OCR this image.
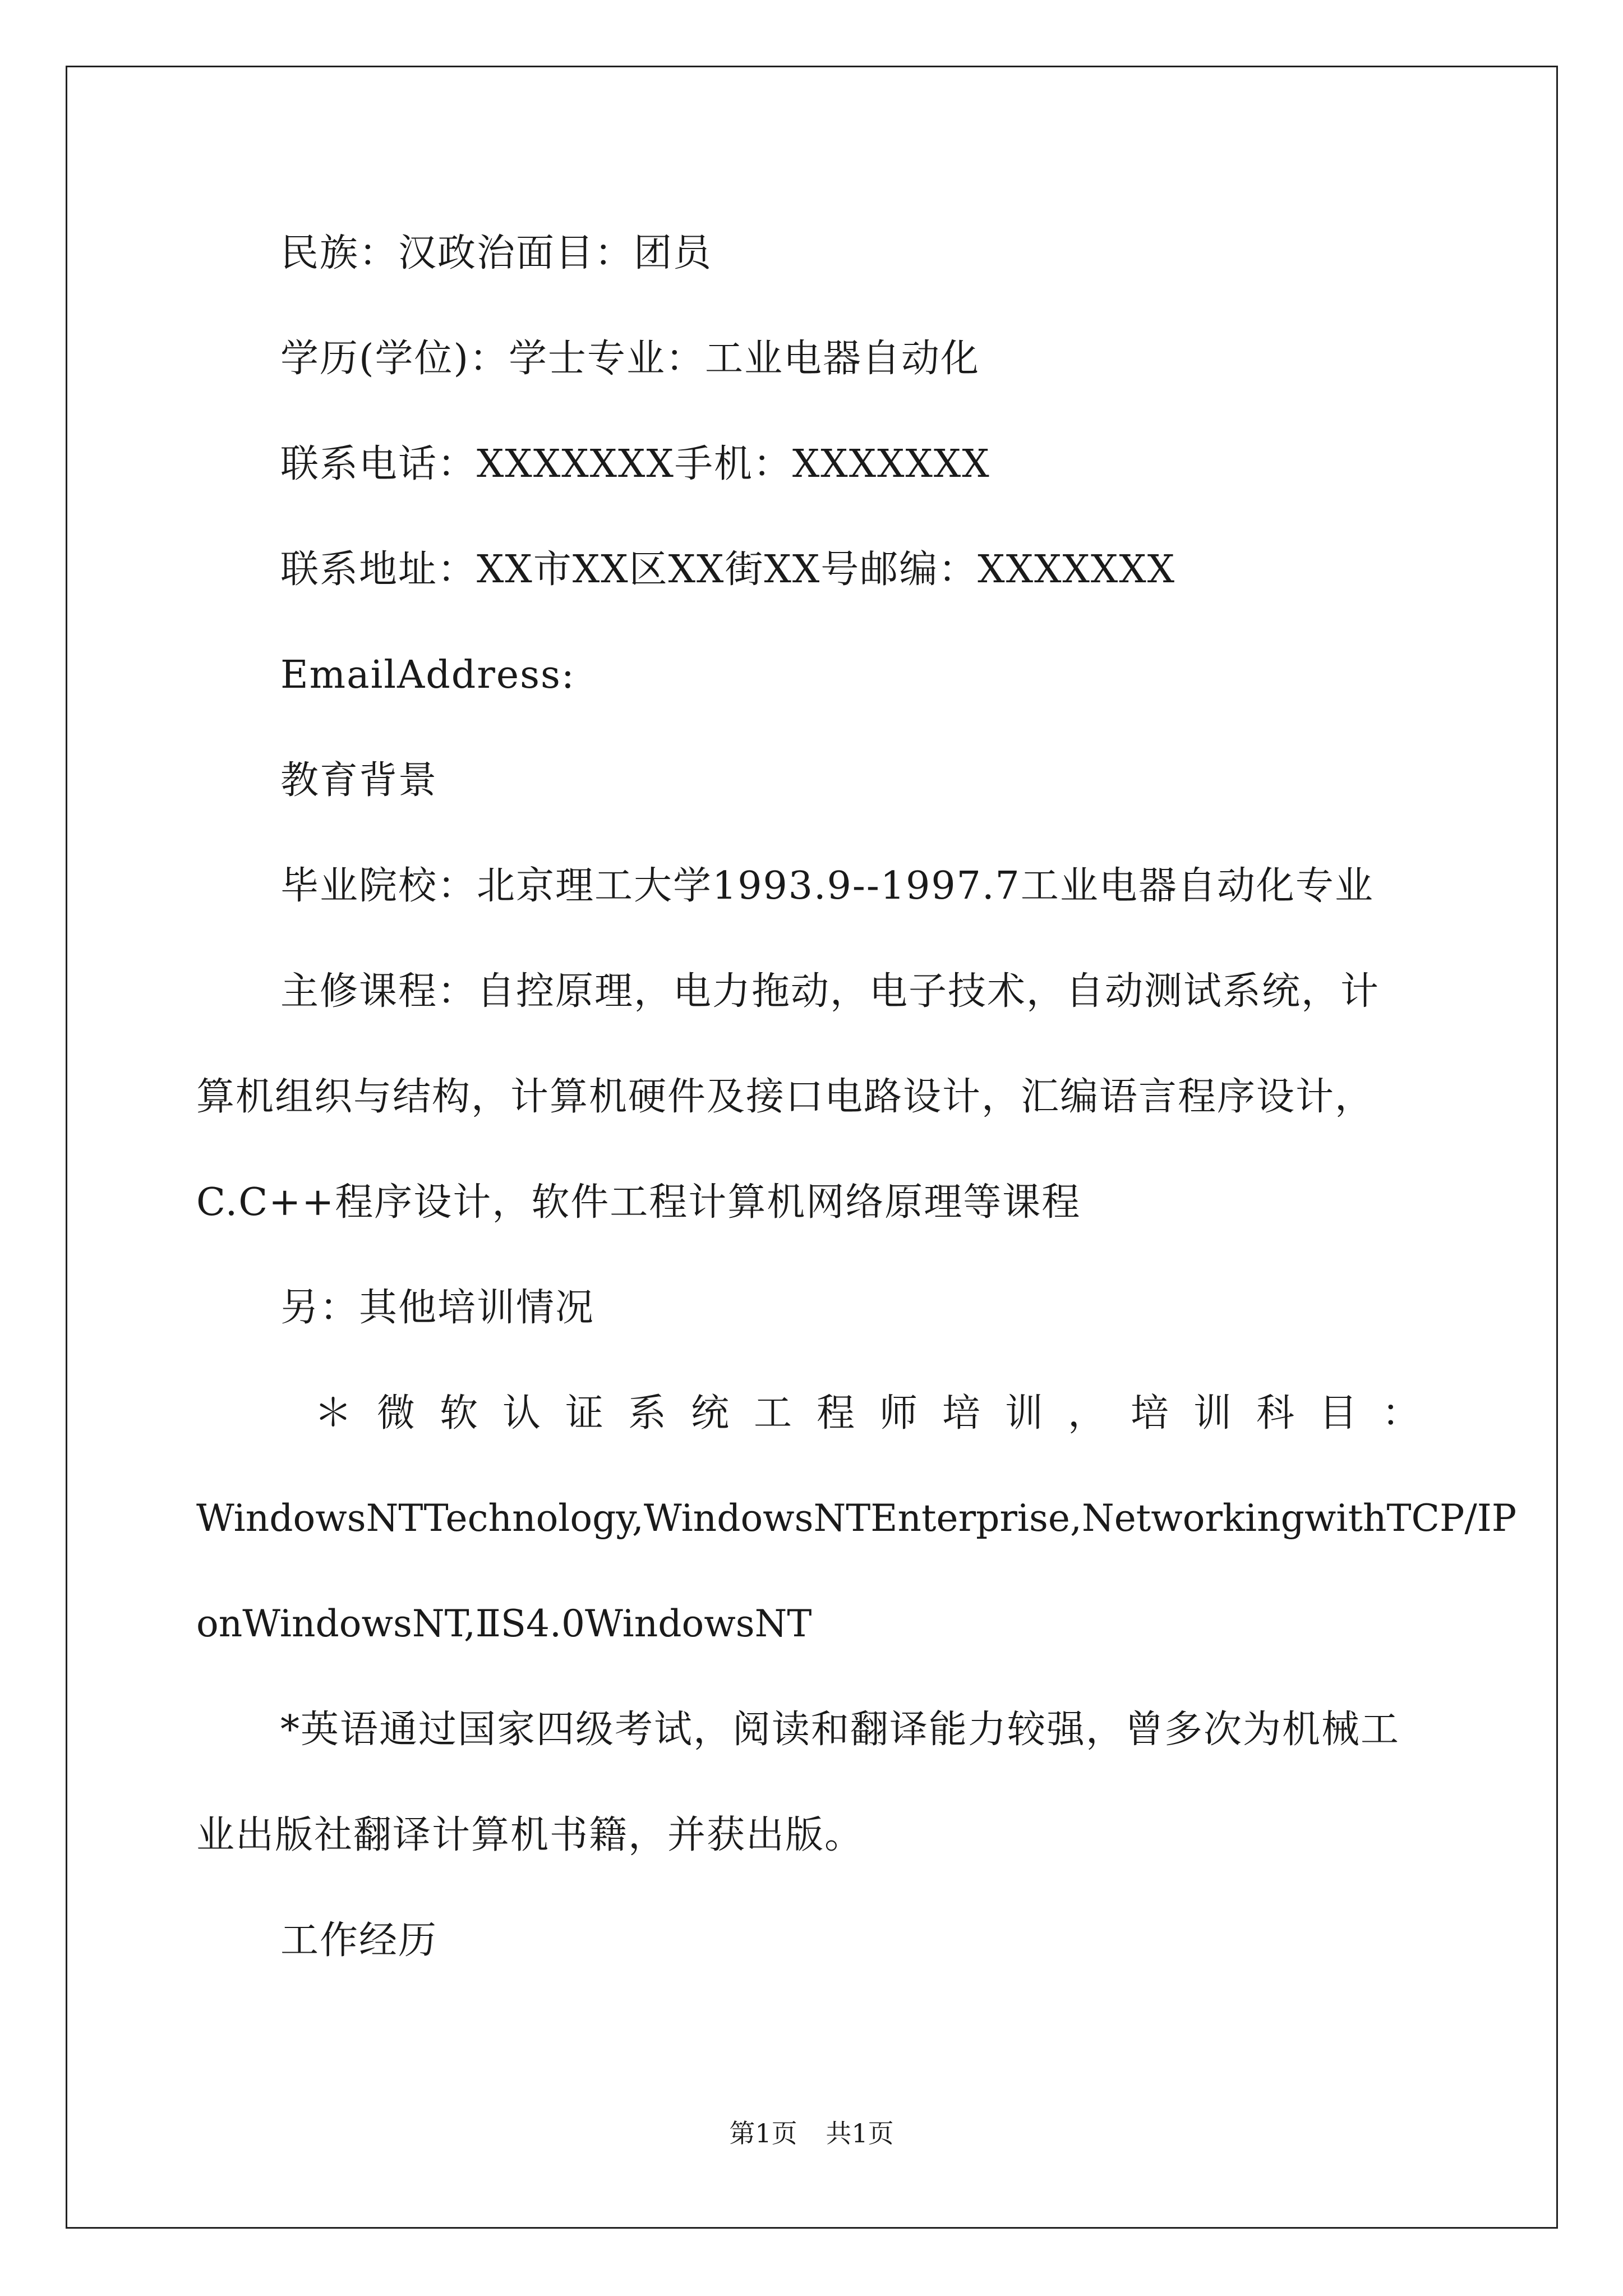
民族：汉政治面目：团员
学历(学位)：学士专业：工业电器自动化
联系电话：XXXXXXX手机：XXXXXXX
联系地址：XX市XX区XX街XX号邮编：XXXXXXX
EmailAddress:
教育背景
毕业院校：北京理工大学1993.9--1997.7工业电器自动化专业
主修课程：自控原理，电力拖动，电子技术，自动测试系统，计
算机组织与结构，计算机硬件及接口电路设计，汇编语言程序设计，
C.C++程序设计，软件工程计算机网络原理等课程
另：其他培训情况
＊微软认证系统工程师培训，培训科目：
WindowsNTTechnology,WindowsNTEnterprise,NetworkingwithTCP/IP
onWindowsNT,ⅡS4.0WindowsNT
*英语通过国家四级考试，阅读和翻译能力较强，曾多次为机械工
业出版社翻译计算机书籍，并获出版。
工作经历
第1页 共1页
